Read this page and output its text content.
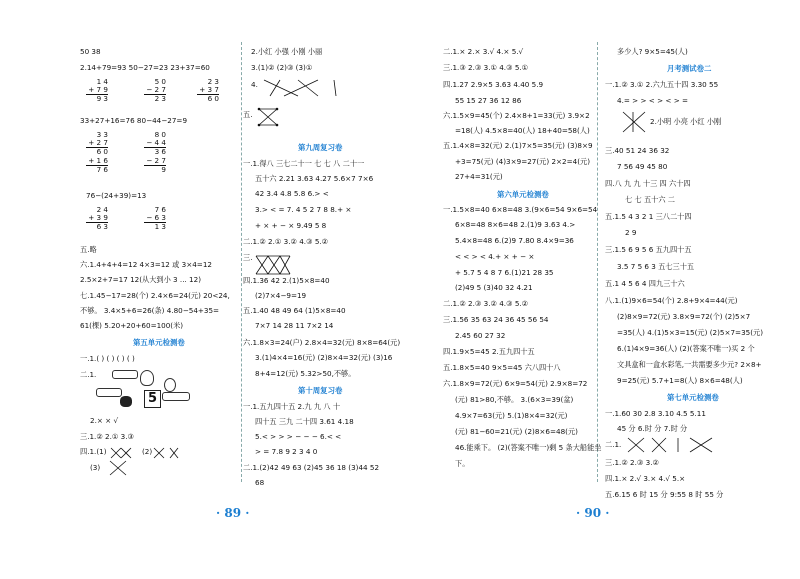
50 38
2.14+79=93 50−27=23 23+37=60
1 4
+ 7 9
9 3
5 0
− 2 7
2 3
2 3
+ 3 7
6 0
33+27+16=76 80−44−27=9
3 3
+ 2 7
6 0
+ 1 6
7 6
8 0
− 4 4
3 6
− 2 7
9
76−(24+39)=13
2 4
+ 3 9
6 3
7 6
− 6 3
1 3
五.略
六.1.4+4+4=12 4×3=12 或 3×4=12
2.5×2+7=17 12(从大到小 3 ... 12)
七.1.45−17=28(个) 2.4×6=24(元) 20<24,
不够。 3.4×5+6=26(条) 4.80−54+35=
61(棵) 5.20+20+60=100(米)
第五单元检测卷
一.1.( ) ( ) ( ) ( )
二.1.
5
2.× × √
三.1.② 2.① 3.③
四.1.(1)	(2)
(3)
2.小红 小强 小刚 小丽
3.(1)② (2)③ (3)①
4.
五.
第九周复习卷
一.1.得八 三七二十一 七 七 八 二十一
五十六 2.21 3.63 4.27 5.6×7 7×6
42 3.4 4.8 5.8 6.> <
3.> < = 7. 4 5 2 7 8 8.+ ×
+ × + − × 9.49 5 8
二.1.② 2.① 3.② 4.③ 5.②
三.
四.1.36 42 2.(1)5×8=40
(2)7×4−9=19
五.1.40 48 49 64 (1)5×8=40
7×7 14 28 11 7×2 14
六.1.8×3=24(户) 2.8×4=32(元) 8×8=64(元)
3.(1)4×4=16(元) (2)8×4=32(元) (3)16
8+4=12(元) 5.32>50,不够。
第十周复习卷
一.1.五九四十五 2.九 九 八 十
四十五 三九 二十四 3.61 4.18
5.< > > > − − − 6.< <
> = 7.8 9 2 3 4 0
二.1.(2)42 49 63 (2)45 36 18 (3)44 52
68
二.1.× 2.× 3.√ 4.× 5.√
三.1.③ 2.③ 3.① 4.③ 5.①
四.1.27 2.9×5 3.63 4.40 5.9
55 15 27 36 12 86
六.1.5×9=45(个) 2.4×8+1=33(元) 3.9×2
=18(人) 4.5×8=40(人) 18+40=58(人)
五.1.4×8=32(元) 2.(1)7×5=35(元) (3)8×9
+3=75(元) (4)3×9=27(元) 2×2=4(元)
27+4=31(元)
第六单元检测卷
一.1.5×8=40 6×8=48 3.(9×6=54 9×6=54
6×8=48 8×6=48 2.(1)9 3.63 4.>
5.4×8=48 6.(2)9 7.80 8.4×9=36
< < > < 4.+ × + − ×
+ 5.7 5 4 8 7 6.(1)21 28 35
(2)49 5 (3)40 32 4.21
二.1.② 2.③ 3.② 4.③ 5.②
三.1.56 35 63 24 36 45 56 54
2.45 60 27 32
四.1.9×5=45 2.五九四十五
五.1.8×5=40 9×5=45 六八四十八
六.1.8×9=72(元) 6×9=54(元) 2.9×8=72
(元) 81>80,不够。 3.(6×3=39(盆)
4.9×7=63(元) 5.(1)8×4=32(元)
(元) 81−60=21(元) (2)8×6=48(元)
46.能乘下。 (2)(答案不唯一)剩 5 条大船能坐
下。
多少人? 9×5=45(人)
月考测试卷二
一.1.② 3.① 2.六九五十四 3.30 55
4.= > > < > < > =
2.小明 小亮 小红 小刚
三.40 51 24 36 32
7 56 49 45 80
四.八 九 九 十三 四 六十四
七 七 五十六 二
五.1.5 4 3 2 1 三八二十四
2 9
三.1.5 6 9 5 6 五九四十五
3.5 7 5 6 3 五七三十五
五.1 4 5 6 4 四九三十六
八.1.(1)9×6=54(个) 2.8+9×4=44(元)
(2)8×9=72(元) 3.8×9=72(个) (2)5×7
=35(人) 4.(1)5×3=15(元) (2)5×7=35(元)
6.(1)4×9=36(人) (2)(答案不唯一)买 2 个
文具盒和一盒水彩笔,一共需要多少元? 2×8+
9=25(元) 5.7+1=8(人) 8×6=48(人)
第七单元检测卷
一.1.60 30 2.8 3.10 4.5 5.11
45 分 6.时 分 7.时 分
二.1.
三.1.② 2.③ 3.②
四.1.× 2.√ 3.× 4.√ 5.×
五.6.15 6 时 15 分 9:55 8 时 55 分
· 89 ·	· 90 ·
